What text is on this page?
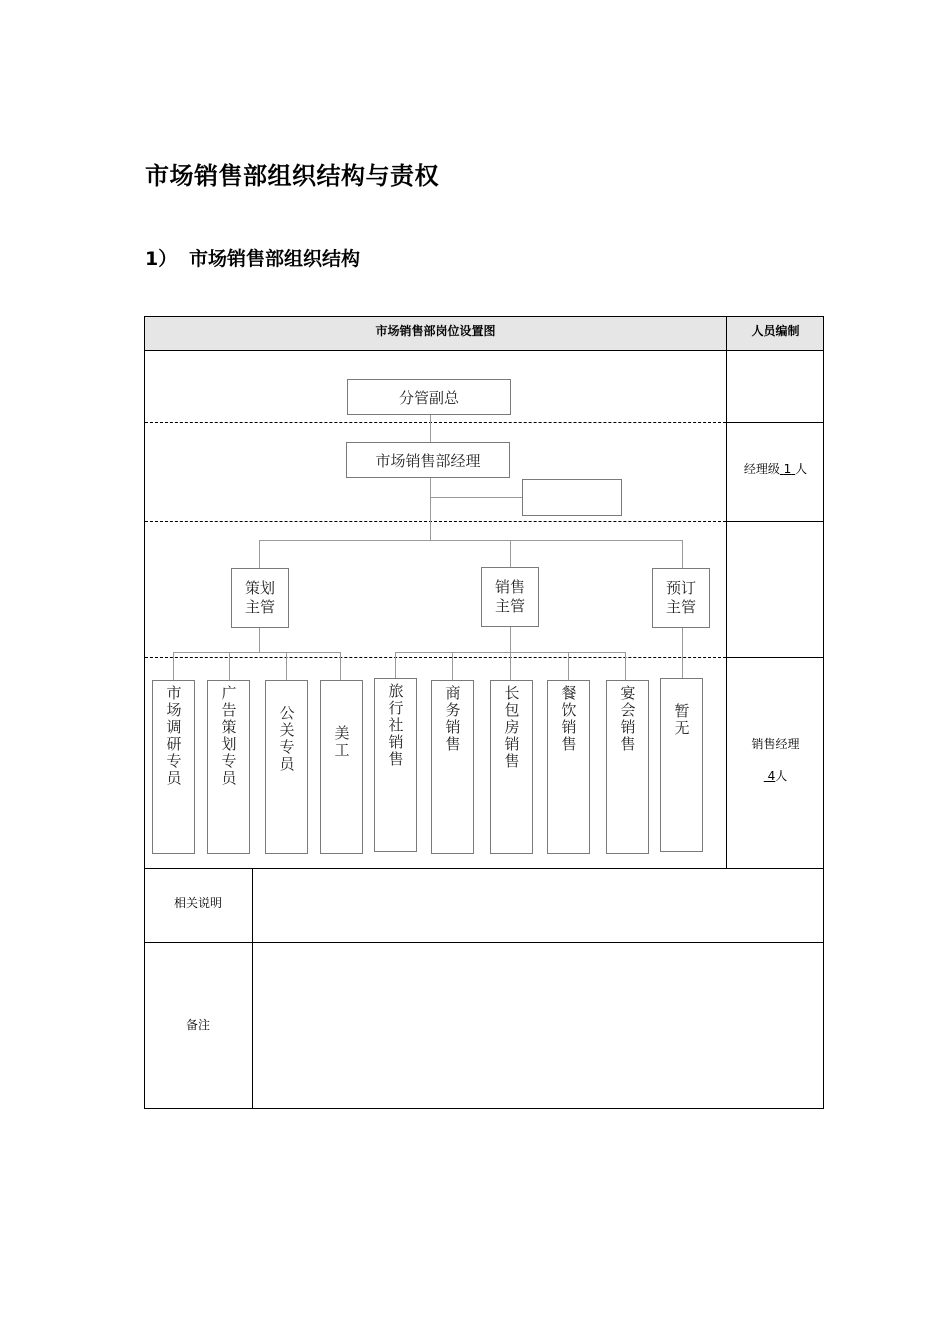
市场销售部组织结构与责权
1） 市场销售部组织结构
市场销售部岗位设置图	人员编制
经理级 1 人
销售经理
4人
相关说明
备注
分管副总
市场销售部经理
策划
主管
销售
主管
预订
主管
市场调研专员 广告策划专员	公关专员 美工 旅行社销售	商务销售	长包房销售	餐饮销售	宴会销售 暂无
